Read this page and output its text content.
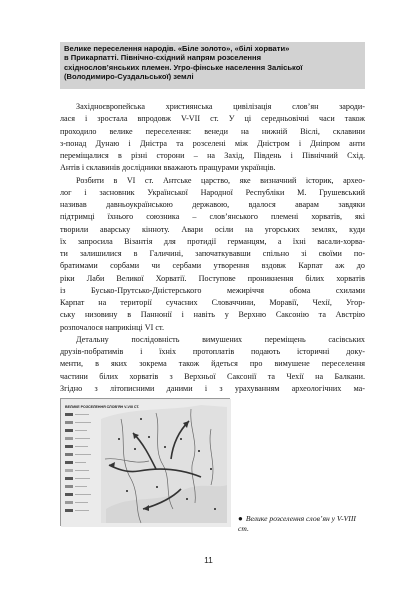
Велике переселення народів. «Біле золото», «білі хорвати»

в Прикарпатті. Північно-східний напрям розселення

східнослов’янських племен. Угро-фінське населення Заліської

(Володимиро-Суздальської) землі

Західноєвропейська християнська цивілізація слов’ян зароди-
лася і зростала впродовж V-VII ст. У ці середньовічні часи також
проходило велике переселення: венеди на нижній Віслі, склавини
з-понад Дунаю і Дністра та розселені між Дністром і Дніпром анти
переміщалися в різні сторони – на Захід, Південь і Північний Схід.
Антів і склавинів дослідники вважають пращурами українців.
Розбити в VI ст. Антське царство, яке визначний історик, архео-
лог і засновник Української Народної Республіки М. Грушевський
називав давньоукраїнською державою, вдалося аварам завдяки
підтримці їхнього союзника – слов’янського племені хорватів, які
творили аварську кінноту. Авари осіли на угорських землях, куди
їх запросила Візантія для протидії германцям, а їхні васали-хорва-
ти залишилися в Галичині, започаткувавши спільно зі своїми по-
братимами сорбами чи сербами утворення вздовж Карпат аж до
ріки Лаби Великої Хорватії. Поступове проникнення білих хорватів
із Бусько-Прутсько-Дністерського межиріччя обома схилами
Карпат на території сучасних Словаччини, Моравії, Чехії, Угор-
ську низовину в Паннонії і навіть у Верхню Саксонію та Австрію
розпочалося наприкінці VI ст.
Детальну послідовність вимушених переміщень сасівських
друзів-побратимів і їхніх протоплатів подають історичні доку-
менти, в яких зокрема також йдеться про вимушене переселення
частини білих хорватів з Верхньої Саксонії та Чехії на Балкани.
Згідно з літописними даними і з урахуванням археологічних ма-
ВЕЛИКЕ РОЗСЕЛЕННЯ СЛОВ'ЯН V-VIII СТ.
● Велике розселення слов’ян у V-VIII ст.
11
